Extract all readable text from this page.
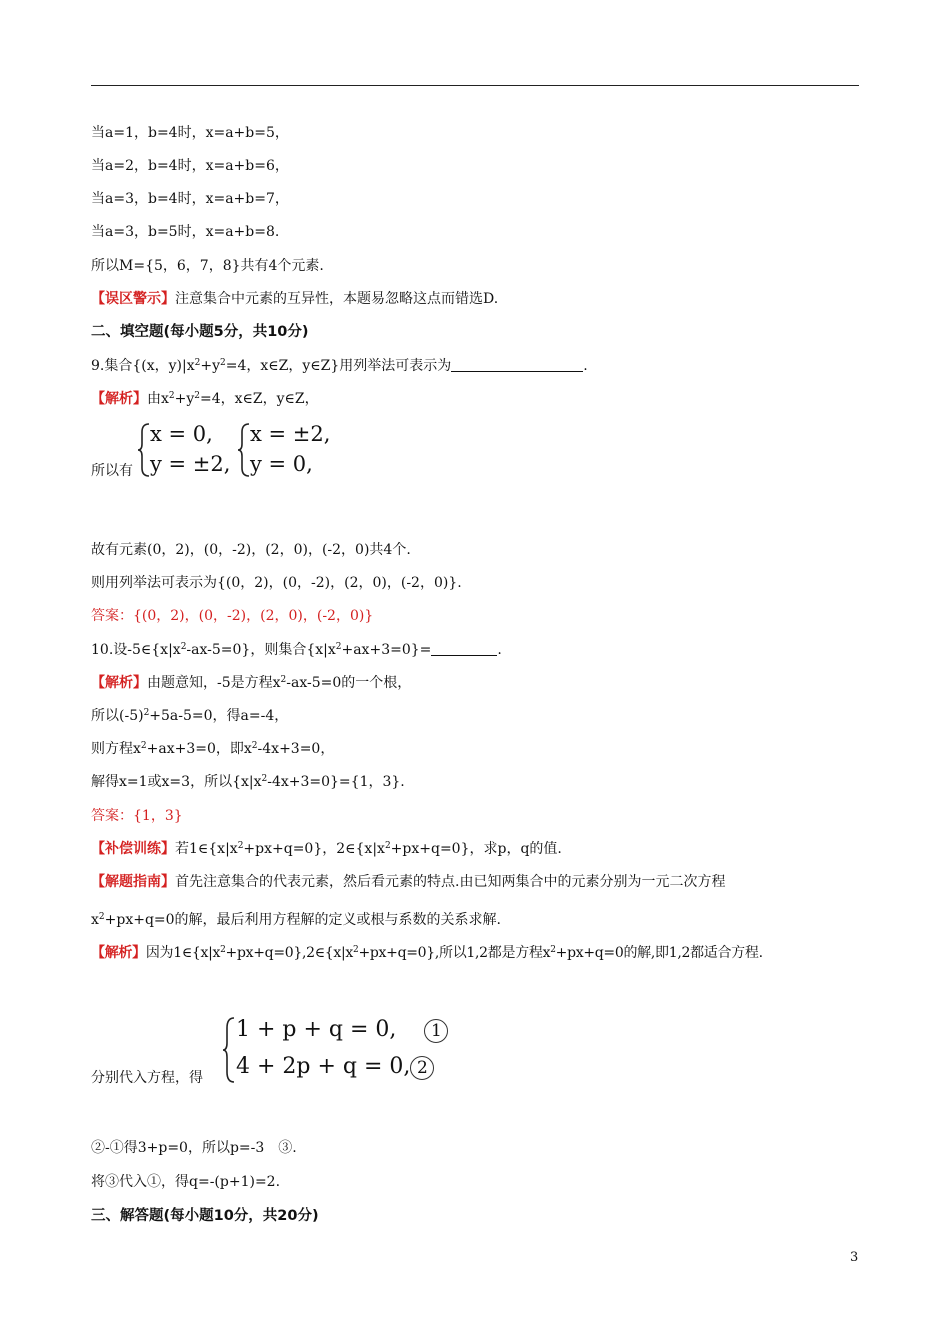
当a=1，b=4时，x=a+b=5，
当a=2，b=4时，x=a+b=6，
当a=3，b=4时，x=a+b=7，
当a=3，b=5时，x=a+b=8.
所以M={5，6，7，8}共有4个元素.
【误区警示】注意集合中元素的互异性，本题易忽略这点而错选D.
二、填空题(每小题5分，共10分)
9.集合{(x，$y)|x^2+y^2=4$，x∈Z，y∈Z}用列举法可表示为	.
【解析】由$x^2+y^2=4$，x∈Z，y∈Z，
所以有
x = 0,
y = ±2,
x = ±2,
y = 0,
故有元素(0，2)，(0，-2)，(2，0)，(-2，0)共4个.
则用列举法可表示为{(0，2)，(0，-2)，(2，0)，(-2，0)}.
答案：{(0，2)，(0，-2)，(2，0)，(-2，0)}
10.设$-5\in\{x|x^2-ax-5=0\}$，则集合$\{x|x^2+ax+3=0\}=$	.
【解析】由题意知，-5是方程$x^2-ax-5=0$的一个根，
所以$(-5)^2+5a-5=0$，得a=-4，
则方程$x^2+ax+3=0$，即$x^2-4x+3=0$，
解得x=1或x=3，所以$\{x|x^2-4x+3=0\}=\{1$，3}.
答案：{1，3}
【补偿训练】若$1\in\{x|x^2+px+q=0\}$，$2\in\{x|x^2+px+q=0\}$，求p，q的值.
【解题指南】首先注意集合的代表元素，然后看元素的特点.由已知两集合中的元素分别为一元二次方程
$x^2+px+q=0$的解，最后利用方程解的定义或根与系数的关系求解.
【解析】因为$1\in\{x|x^2+px+q=0\},2\in\{x|x^2+px+q=0\}$,所以1,2都是方程$x^2+px+q=0$的解,即1,2都适合方程.
分别代入方程，得
1 + p + q = 0, 1
4 + 2p + q = 0, 2
②-①得3+p=0，所以p=-3　③.
将③代入①，得q=-(p+1)=2.
三、解答题(每小题10分，共20分)
3
